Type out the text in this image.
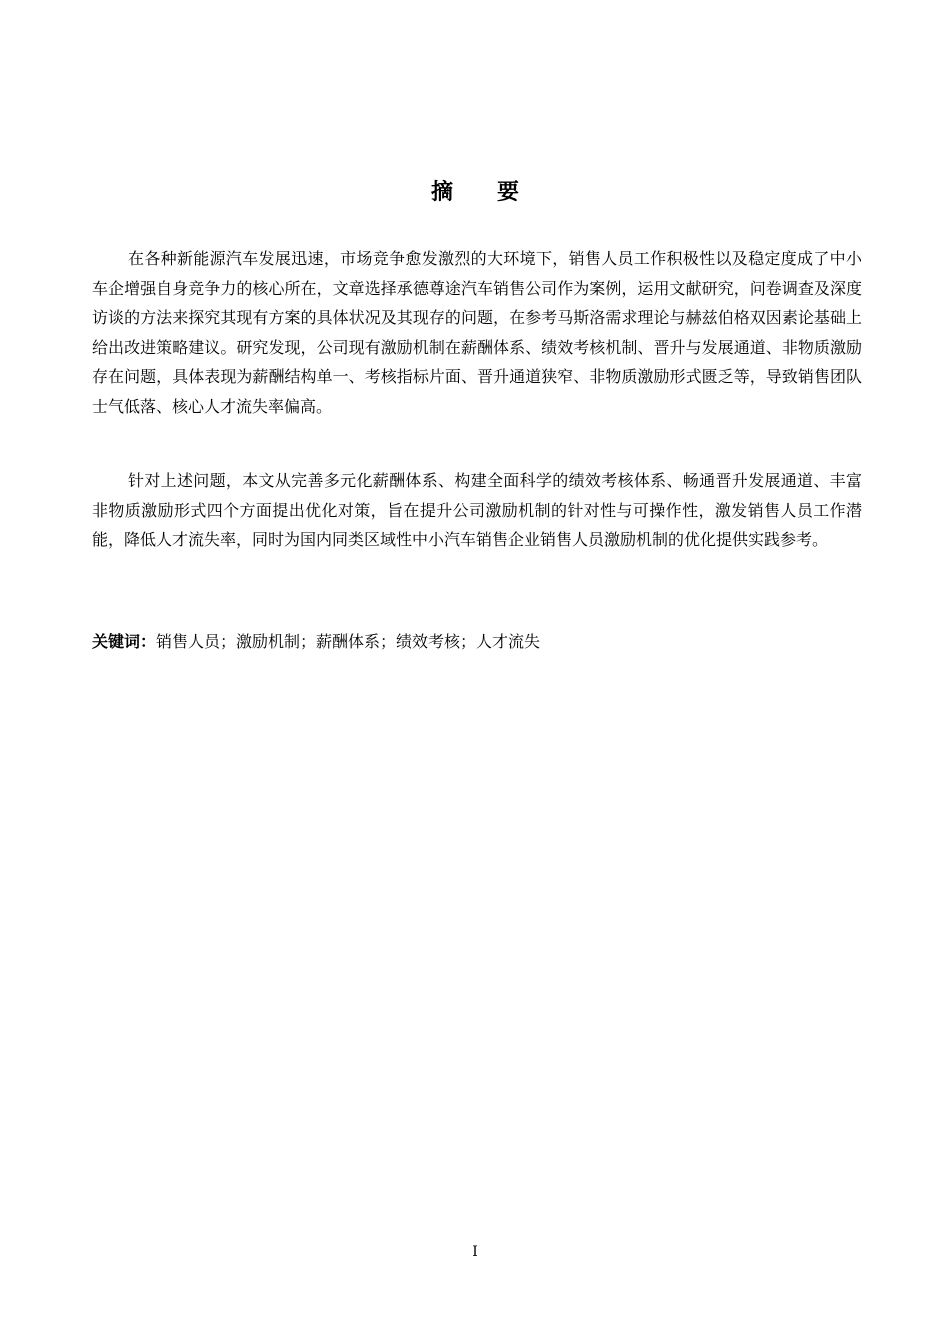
摘要

在各种新能源汽车发展迅速，市场竞争愈发激烈的大环境下，销售人员工作积极性以及稳定度成了中小车企增强自身竞争力的核心所在，文章选择承德尊途汽车销售公司作为案例，运用文献研究，问卷调查及深度访谈的方法来探究其现有方案的具体状况及其现存的问题，在参考马斯洛需求理论与赫兹伯格双因素论基础上给出改进策略建议。研究发现，公司现有激励机制在薪酬体系、绩效考核机制、晋升与发展通道、非物质激励存在问题，具体表现为薪酬结构单一、考核指标片面、晋升通道狭窄、非物质激励形式匮乏等，导致销售团队士气低落、核心人才流失率偏高。

针对上述问题，本文从完善多元化薪酬体系、构建全面科学的绩效考核体系、畅通晋升发展通道、丰富非物质激励形式四个方面提出优化对策，旨在提升公司激励机制的针对性与可操作性，激发销售人员工作潜能，降低人才流失率，同时为国内同类区域性中小汽车销售企业销售人员激励机制的优化提供实践参考。

关键词：销售人员；激励机制；薪酬体系；绩效考核；人才流失
I
